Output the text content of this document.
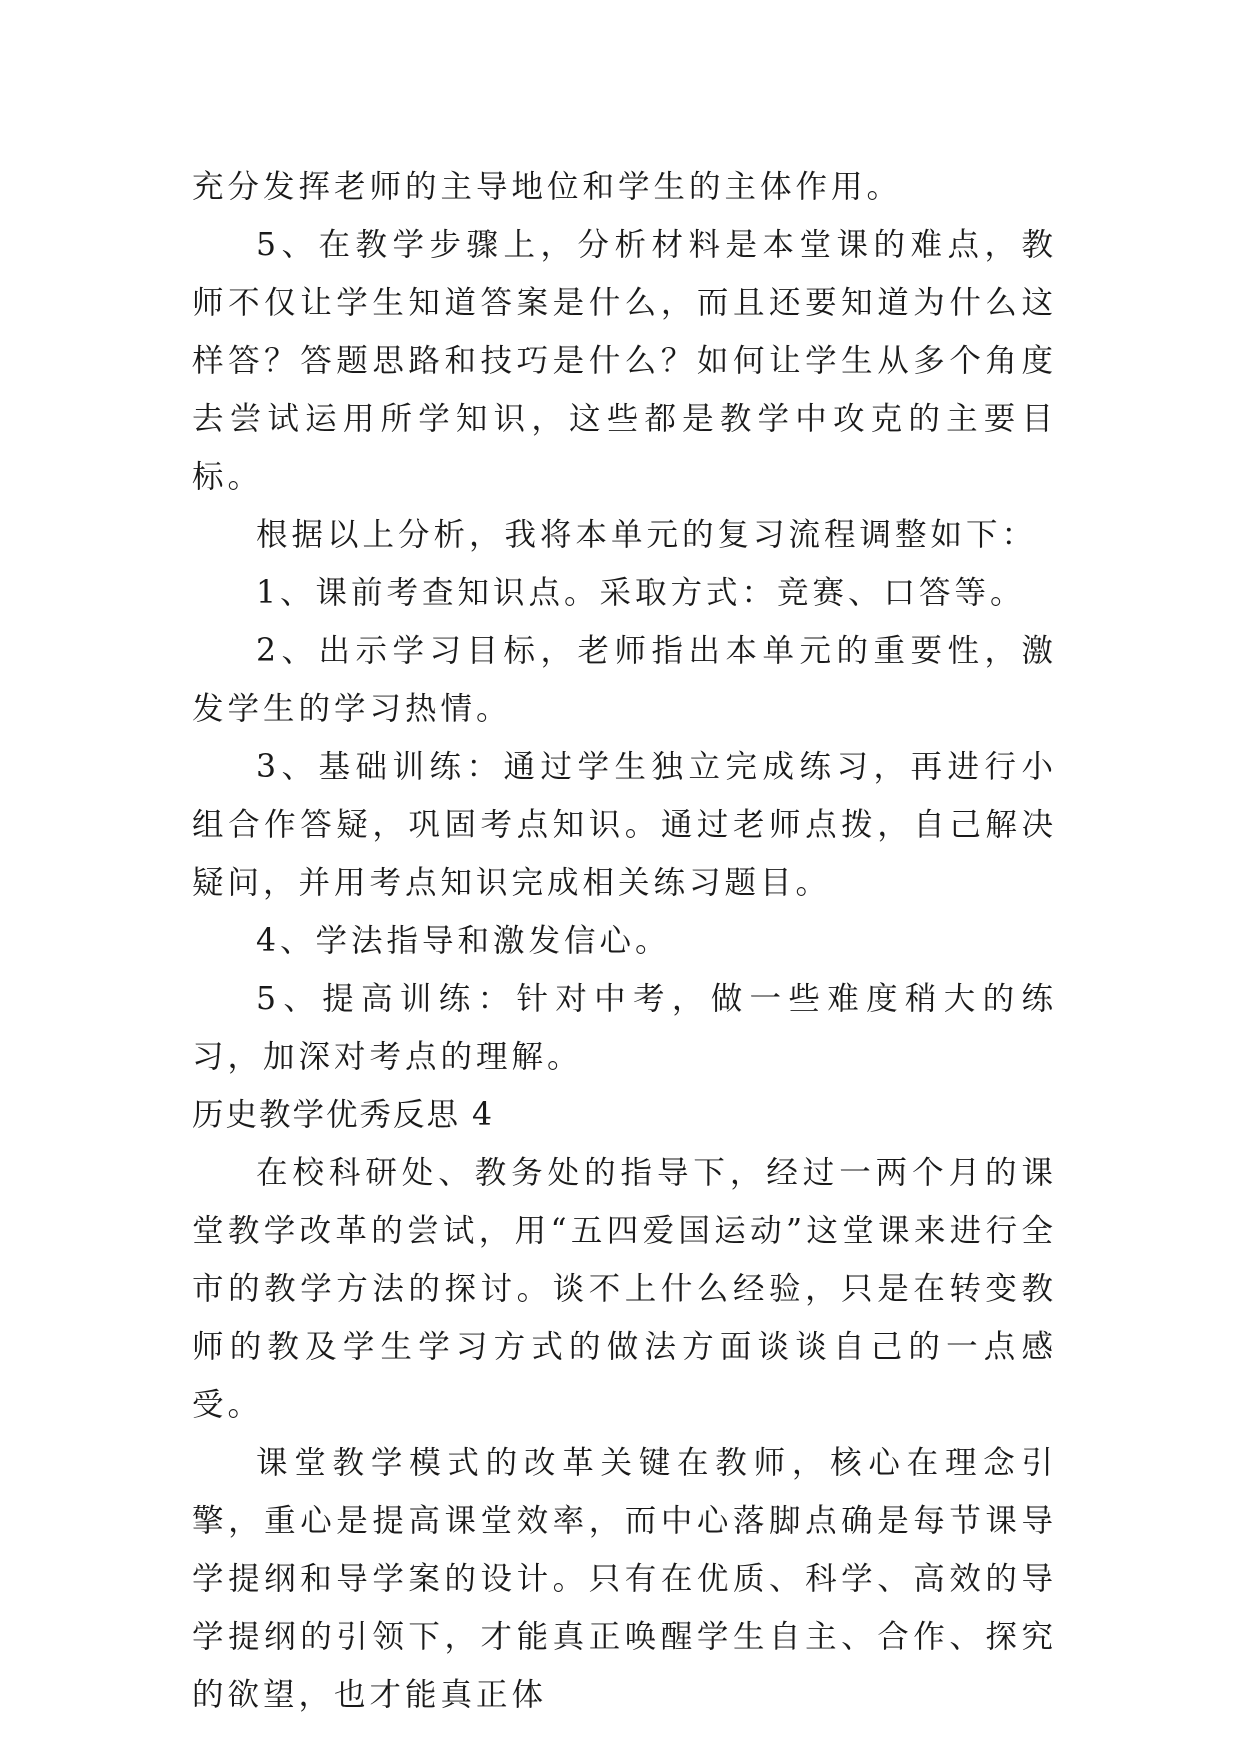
充分发挥老师的主导地位和学生的主体作用。

5、在教学步骤上，分析材料是本堂课的难点，教师不仅让学生知道答案是什么，而且还要知道为什么这样答？答题思路和技巧是什么？如何让学生从多个角度去尝试运用所学知识，这些都是教学中攻克的主要目标。

根据以上分析，我将本单元的复习流程调整如下：

1、课前考查知识点。采取方式：竞赛、口答等。

2、出示学习目标，老师指出本单元的重要性，激发学生的学习热情。

3、基础训练：通过学生独立完成练习，再进行小组合作答疑，巩固考点知识。通过老师点拨，自己解决疑问，并用考点知识完成相关练习题目。

4、学法指导和激发信心。

5、提高训练：针对中考，做一些难度稍大的练习，加深对考点的理解。

历史教学优秀反思 4

在校科研处、教务处的指导下，经过一两个月的课堂教学改革的尝试，用“五四爱国运动”这堂课来进行全市的教学方法的探讨。谈不上什么经验，只是在转变教师的教及学生学习方式的做法方面谈谈自己的一点感受。

课堂教学模式的改革关键在教师，核心在理念引擎，重心是提高课堂效率，而中心落脚点确是每节课导学提纲和导学案的设计。只有在优质、科学、高效的导学提纲的引领下，才能真正唤醒学生自主、合作、探究的欲望，也才能真正体
